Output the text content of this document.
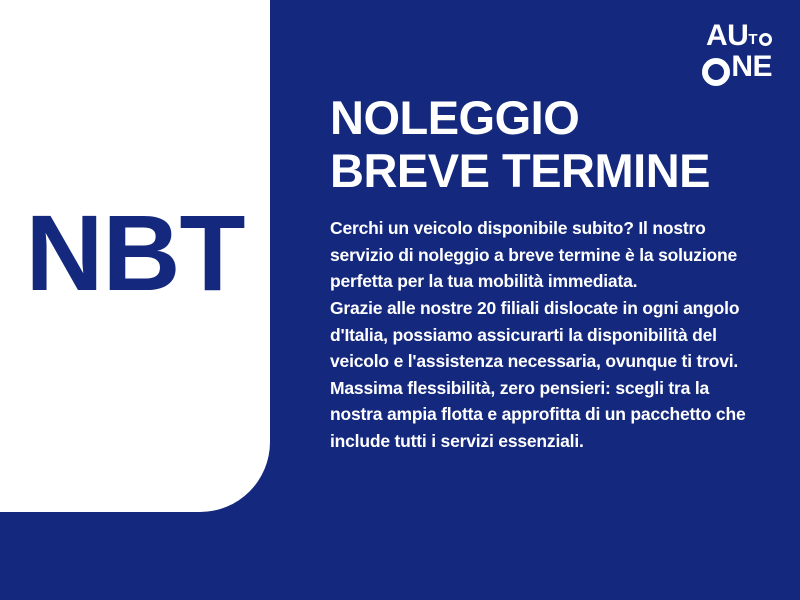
NBT
A U T
N E
NOLEGGIO
BREVE TERMINE

Cerchi un veicolo disponibile subito? Il nostro servizio di noleggio a breve termine è la soluzione perfetta per la tua mobilità immediata.

Grazie alle nostre 20 filiali dislocate in ogni angolo d'Italia, possiamo assicurarti la disponibilità del veicolo e l'assistenza necessaria, ovunque ti trovi.

Massima flessibilità, zero pensieri: scegli tra la nostra ampia flotta e approfitta di un pacchetto che include tutti i servizi essenziali.
